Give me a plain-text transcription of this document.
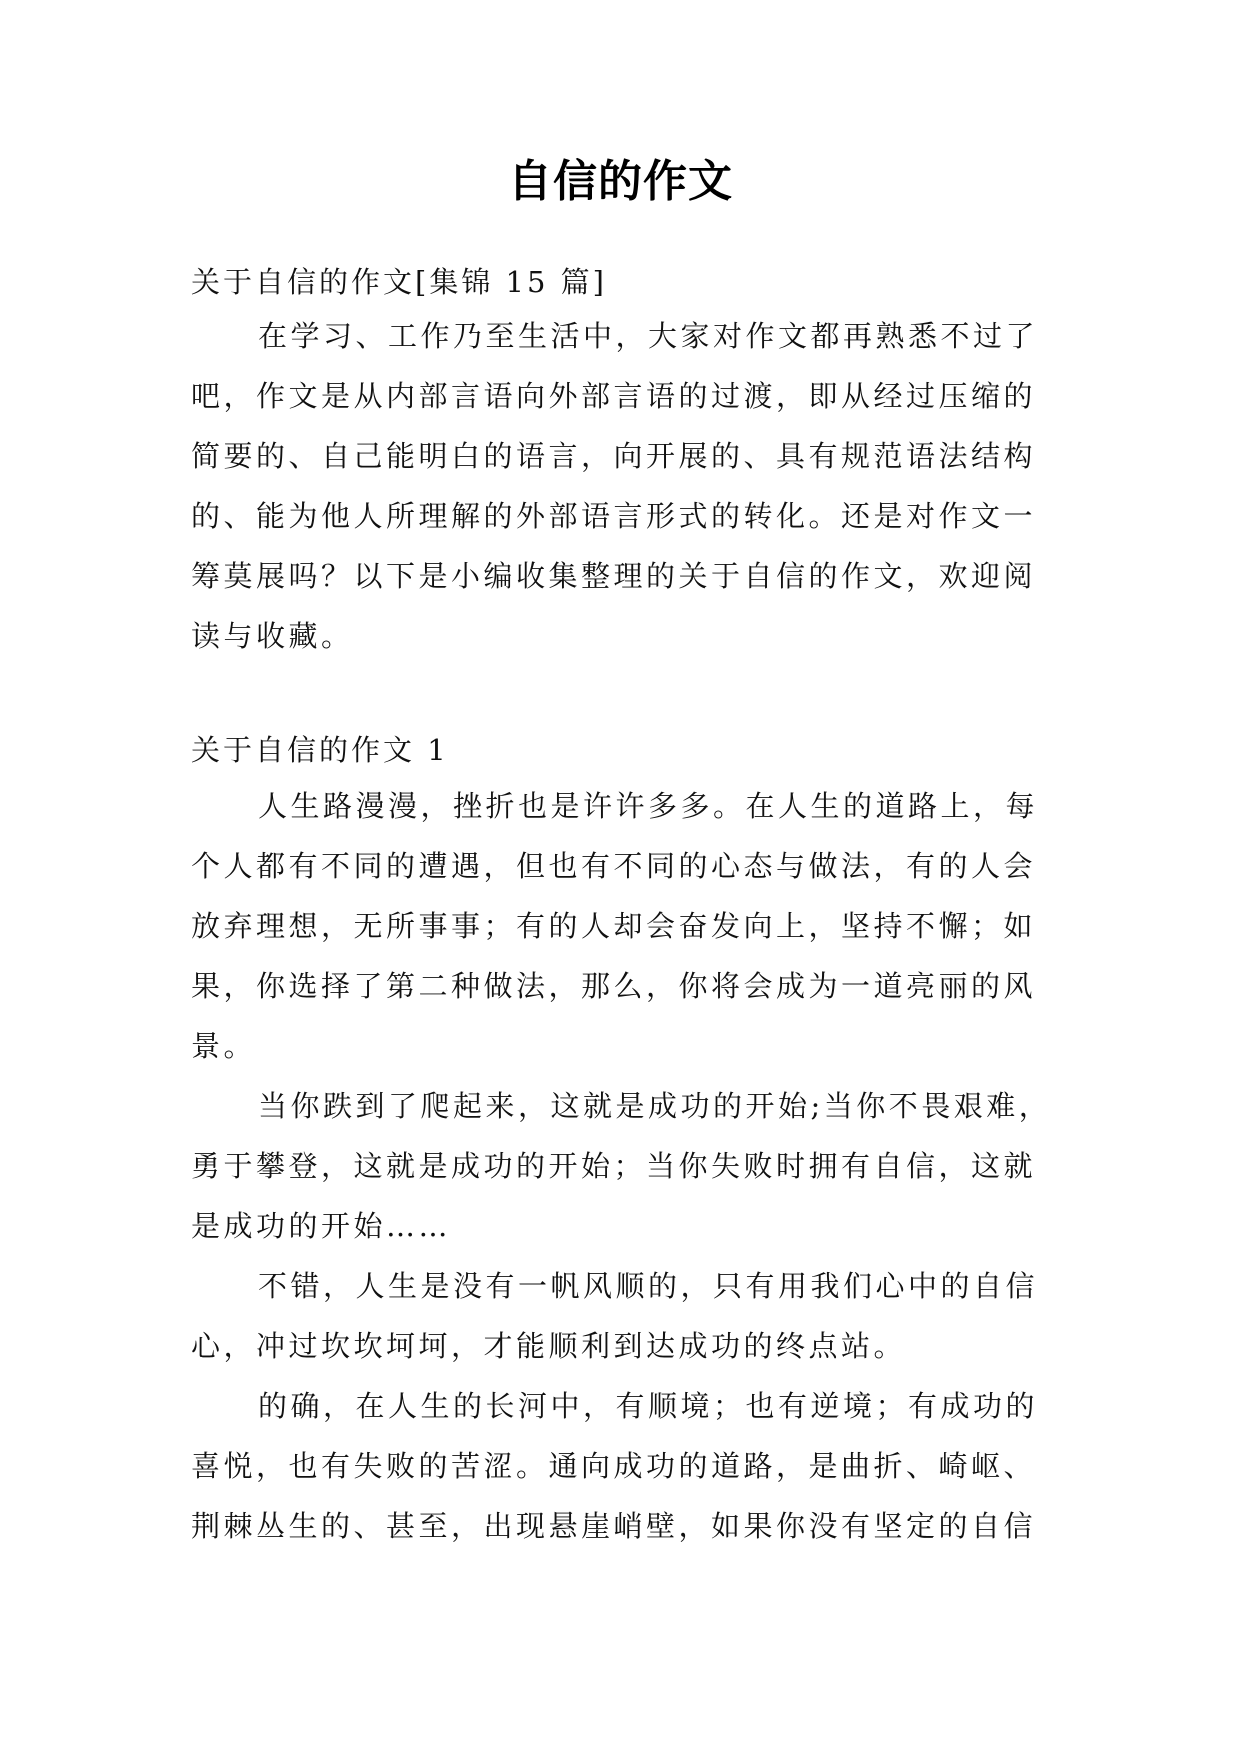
自信的作文
关于自信的作文[集锦 15 篇]
在学习、工作乃至生活中，大家对作文都再熟悉不过了
吧，作文是从内部言语向外部言语的过渡，即从经过压缩的
简要的、自己能明白的语言，向开展的、具有规范语法结构
的、能为他人所理解的外部语言形式的转化。还是对作文一
筹莫展吗？以下是小编收集整理的关于自信的作文，欢迎阅
读与收藏。
关于自信的作文 1
人生路漫漫，挫折也是许许多多。在人生的道路上，每
个人都有不同的遭遇，但也有不同的心态与做法，有的人会
放弃理想，无所事事；有的人却会奋发向上，坚持不懈；如
果，你选择了第二种做法，那么，你将会成为一道亮丽的风
景。
当你跌到了爬起来，这就是成功的开始;当你不畏艰难，
勇于攀登，这就是成功的开始；当你失败时拥有自信，这就
是成功的开始……
不错，人生是没有一帆风顺的，只有用我们心中的自信
心，冲过坎坎坷坷，才能顺利到达成功的终点站。
的确，在人生的长河中，有顺境；也有逆境；有成功的
喜悦，也有失败的苦涩。通向成功的道路，是曲折、崎岖、
荆棘丛生的、甚至，出现悬崖峭壁，如果你没有坚定的自信
